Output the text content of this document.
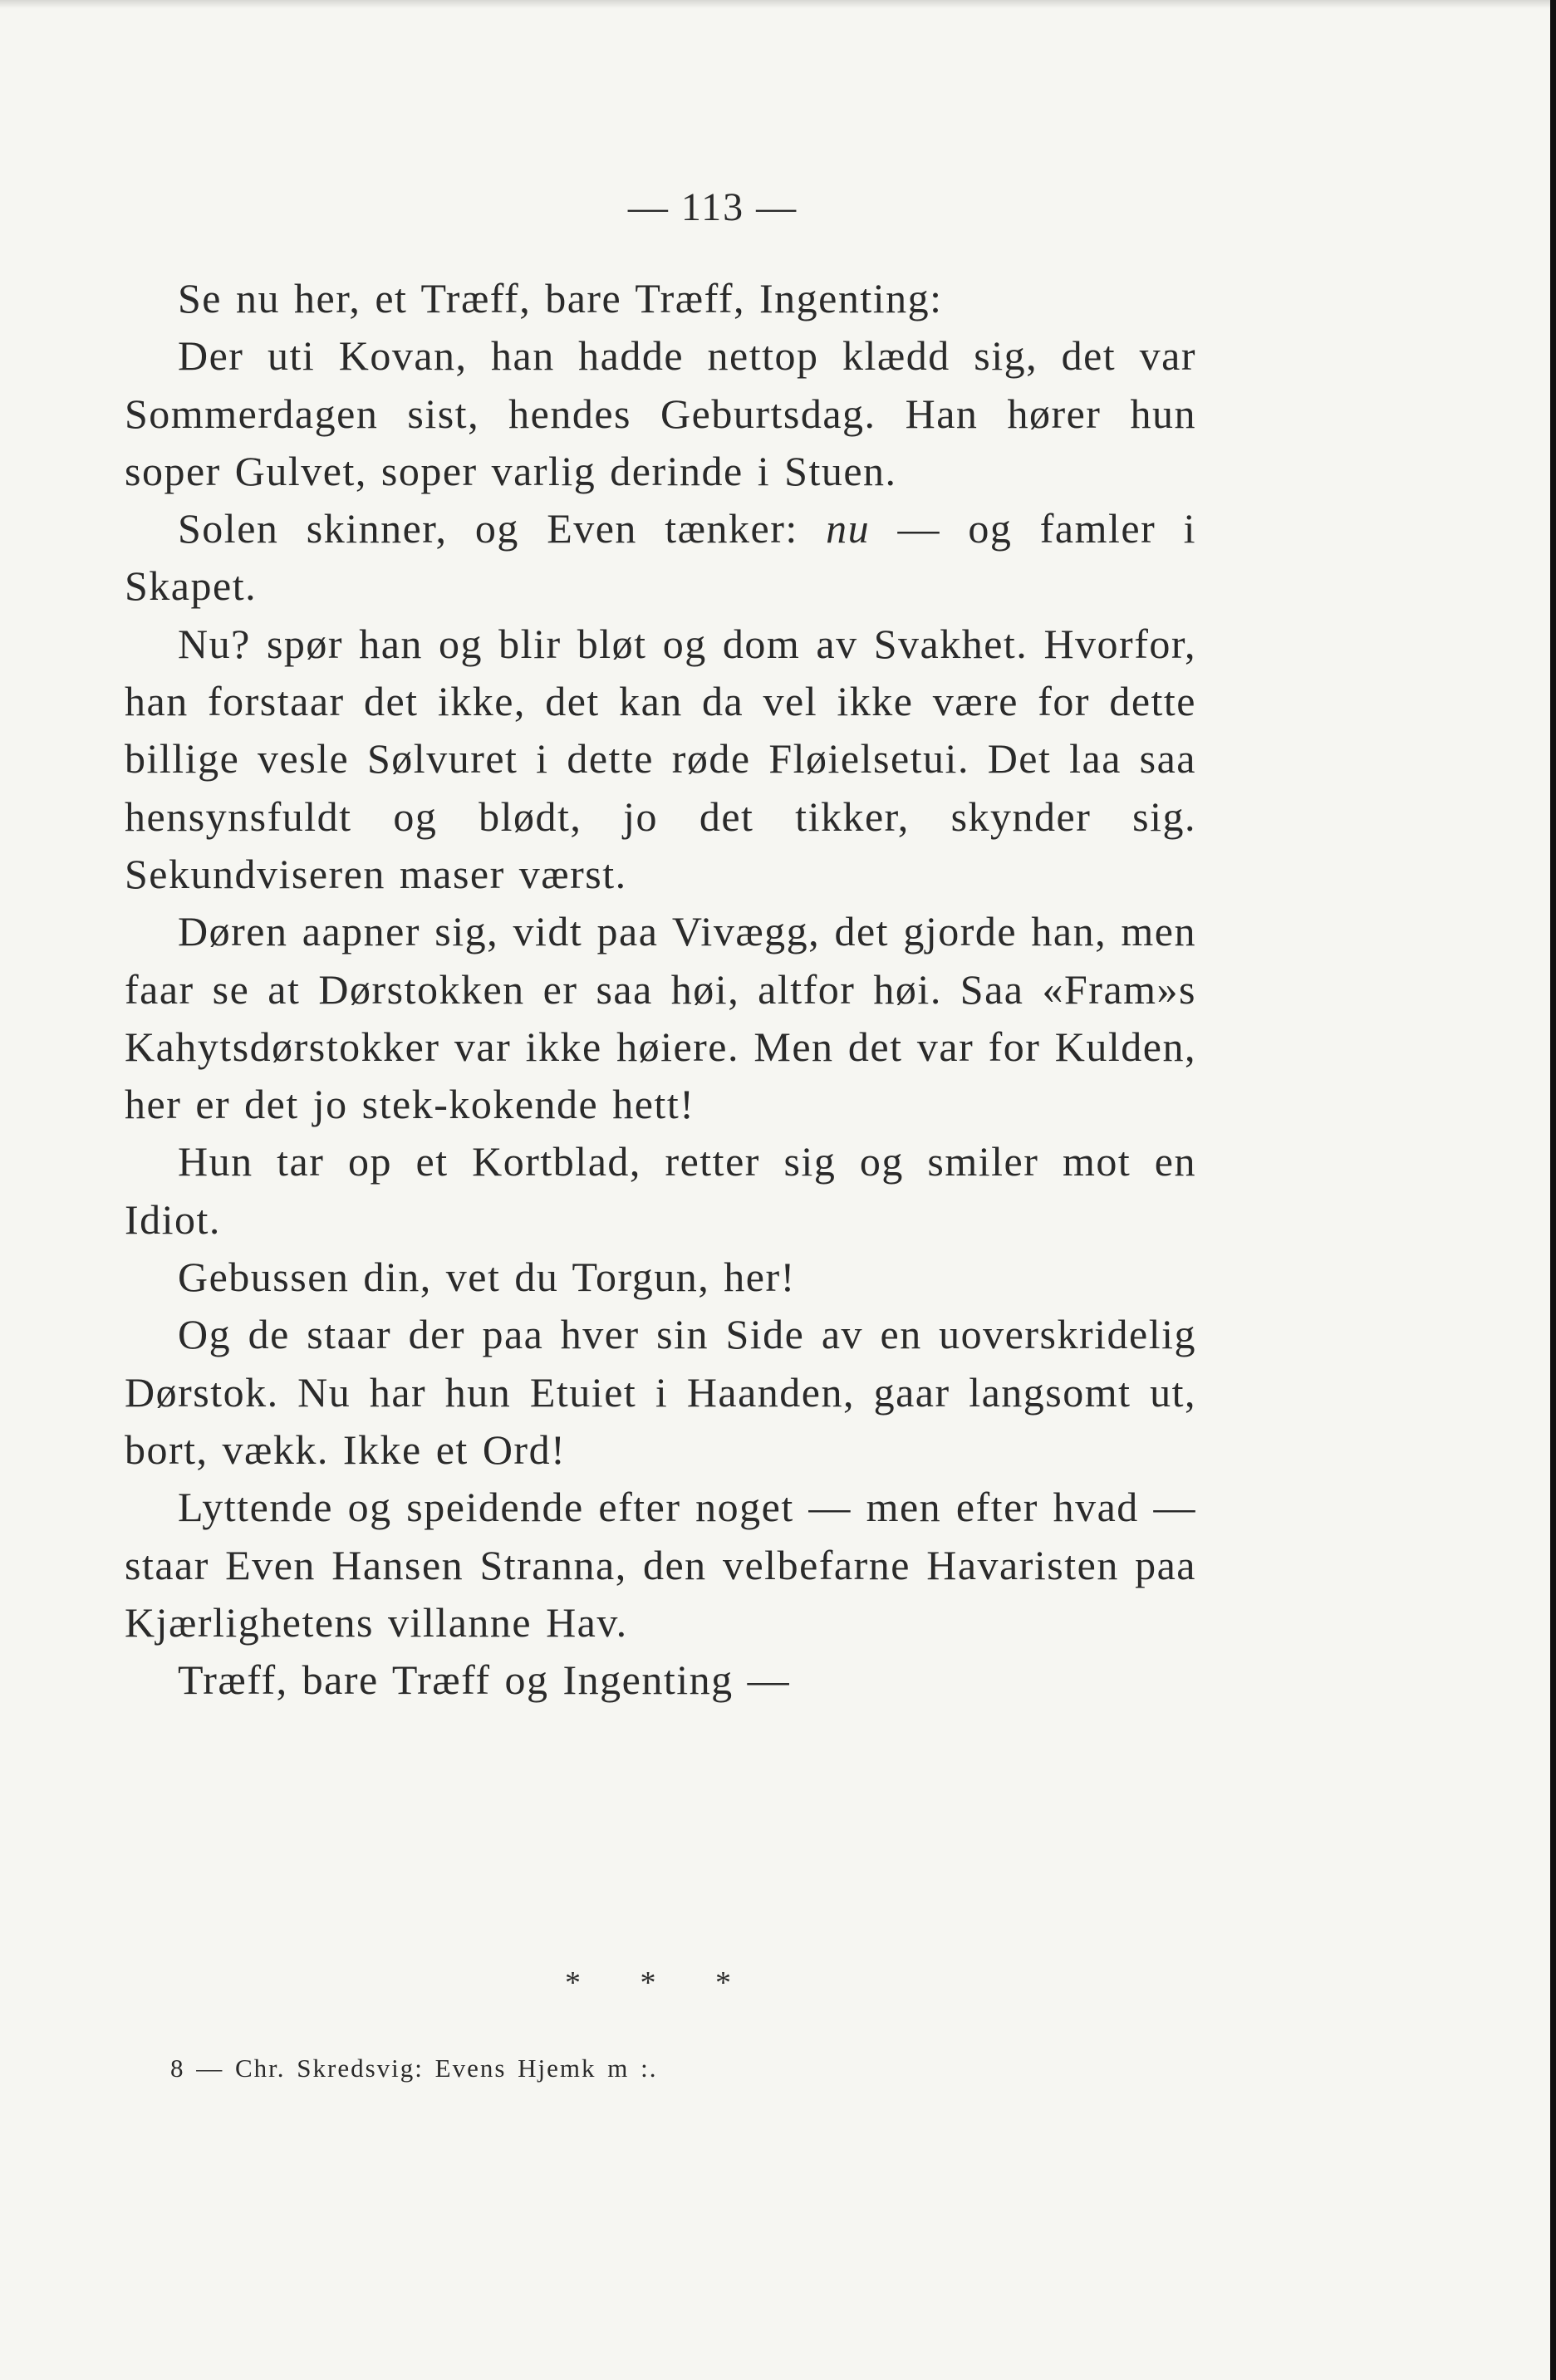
— 113 —

Se nu her, et Træff, bare Træff, Ingenting:

Der uti Kovan, han hadde nettop klædd sig, det var Sommerdagen sist, hendes Geburtsdag. Han hører hun soper Gulvet, soper varlig derinde i Stuen.

Solen skinner, og Even tænker: nu — og famler i Skapet.

Nu? spør han og blir bløt og dom av Svakhet. Hvorfor, han forstaar det ikke, det kan da vel ikke være for dette billige vesle Sølvuret i dette røde Fløielsetui. Det laa saa hensynsfuldt og blødt, jo det tikker, skynder sig. Sekundviseren maser værst.

Døren aapner sig, vidt paa Vivægg, det gjorde han, men faar se at Dørstokken er saa høi, altfor høi. Saa «Fram»s Kahytsdørstokker var ikke høiere. Men det var for Kulden, her er det jo stek-kokende hett!

Hun tar op et Kortblad, retter sig og smiler mot en Idiot.

Gebussen din, vet du Torgun, her!

Og de staar der paa hver sin Side av en uoverskridelig Dørstok. Nu har hun Etuiet i Haanden, gaar langsomt ut, bort, vækk. Ikke et Ord!

Lyttende og speidende efter noget — men efter hvad — staar Even Hansen Stranna, den velbefarne Havaristen paa Kjærlighetens villanne Hav.

Træff, bare Træff og Ingenting —

* * *

8 — Chr. Skredsvig: Evens Hjemk m :.
